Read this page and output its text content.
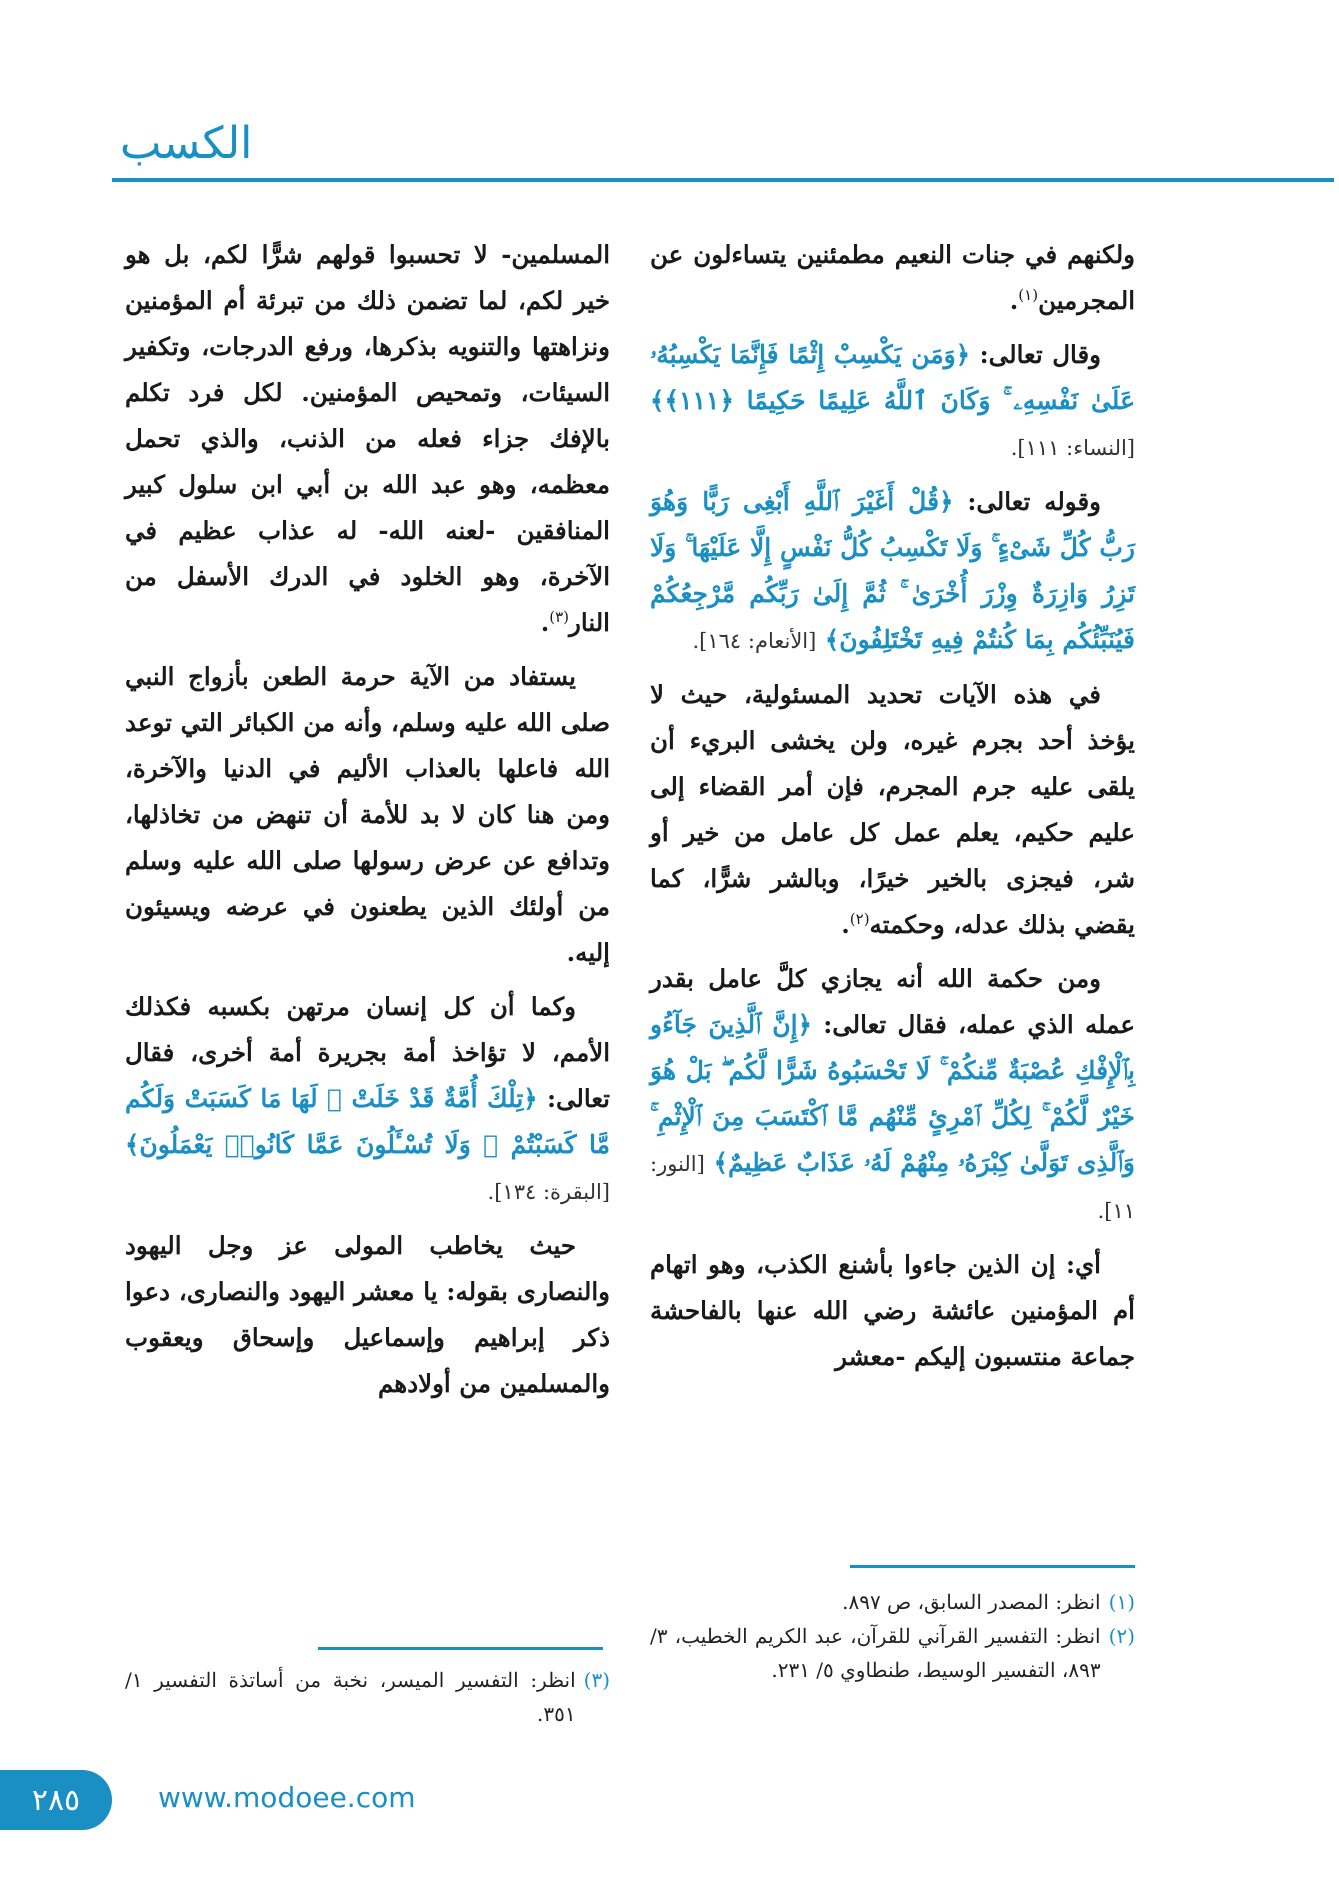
الكسب

ولكنهم في جنات النعيم مطمئنين يتساءلون عن المجرمين$^{(١)}$.

وقال تعالى: ﴿وَمَن يَكْسِبْ إِثْمًا فَإِنَّمَا يَكْسِبُهُۥ عَلَىٰ نَفْسِهِۦ ۚ وَكَانَ ٱللَّهُ عَلِيمًا حَكِيمًا ﴿١١١﴾﴾ [النساء: ١١١].

وقوله تعالى: ﴿قُلْ أَغَيْرَ ٱللَّهِ أَبْغِى رَبًّا وَهُوَ رَبُّ كُلِّ شَىْءٍ ۚ وَلَا تَكْسِبُ كُلُّ نَفْسٍ إِلَّا عَلَيْهَا ۚ وَلَا تَزِرُ وَازِرَةٌ وِزْرَ أُخْرَىٰ ۚ ثُمَّ إِلَىٰ رَبِّكُم مَّرْجِعُكُمْ فَيُنَبِّئُكُم بِمَا كُنتُمْ فِيهِ تَخْتَلِفُونَ﴾ [الأنعام: ١٦٤].

في هذه الآيات تحديد المسئولية، حيث لا يؤخذ أحد بجرم غيره، ولن يخشى البريء أن يلقى عليه جرم المجرم، فإن أمر القضاء إلى عليم حكيم، يعلم عمل كل عامل من خير أو شر، فيجزى بالخير خيرًا، وبالشر شرًّا، كما يقضي بذلك عدله، وحكمته$^{(٢)}$.

ومن حكمة الله أنه يجازي كلَّ عامل بقدر عمله الذي عمله، فقال تعالى: ﴿إِنَّ ٱلَّذِينَ جَآءُو بِٱلْإِفْكِ عُصْبَةٌ مِّنكُمْ ۚ لَا تَحْسَبُوهُ شَرًّا لَّكُم ۖ بَلْ هُوَ خَيْرٌ لَّكُمْ ۚ لِكُلِّ ٱمْرِئٍ مِّنْهُم مَّا ٱكْتَسَبَ مِنَ ٱلْإِثْمِ ۚ وَٱلَّذِى تَوَلَّىٰ كِبْرَهُۥ مِنْهُمْ لَهُۥ عَذَابٌ عَظِيمٌ﴾ [النور: ١١].

أي: إن الذين جاءوا بأشنع الكذب، وهو اتهام أم المؤمنين عائشة رضي الله عنها بالفاحشة جماعة منتسبون إليكم -معشر

المسلمين- لا تحسبوا قولهم شرًّا لكم، بل هو خير لكم، لما تضمن ذلك من تبرئة أم المؤمنين ونزاهتها والتنويه بذكرها، ورفع الدرجات، وتكفير السيئات، وتمحيص المؤمنين. لكل فرد تكلم بالإفك جزاء فعله من الذنب، والذي تحمل معظمه، وهو عبد الله بن أبي ابن سلول كبير المنافقين -لعنه الله- له عذاب عظيم في الآخرة، وهو الخلود في الدرك الأسفل من النار$^{(٣)}$.

يستفاد من الآية حرمة الطعن بأزواج النبي صلى الله عليه وسلم، وأنه من الكبائر التي توعد الله فاعلها بالعذاب الأليم في الدنيا والآخرة، ومن هنا كان لا بد للأمة أن تنهض من تخاذلها، وتدافع عن عرض رسولها صلى الله عليه وسلم من أولئك الذين يطعنون في عرضه ويسيئون إليه.

وكما أن كل إنسان مرتهن بكسبه فكذلك الأمم، لا تؤاخذ أمة بجريرة أمة أخرى، فقال تعالى: ﴿تِلْكَ أُمَّةٌ قَدْ خَلَتْ ۖ لَهَا مَا كَسَبَتْ وَلَكُم مَّا كَسَبْتُمْ ۖ وَلَا تُسْـَٔلُونَ عَمَّا كَانُوا۟ يَعْمَلُونَ﴾ [البقرة: ١٣٤].

حيث يخاطب المولى عز وجل اليهود والنصارى بقوله: يا معشر اليهود والنصارى، دعوا ذكر إبراهيم وإسماعيل وإسحاق ويعقوب والمسلمين من أولادهم

(١)
انظر: المصدر السابق، ص ٨٩٧.
(٢)
انظر: التفسير القرآني للقرآن، عبد الكريم الخطيب، ٣/ ٨٩٣، التفسير الوسيط، طنطاوي ٥/ ٢٣١.
(٣)
انظر: التفسير الميسر، نخبة من أساتذة التفسير ١/ ٣٥١.
٢٨٥	www.modoee.com
